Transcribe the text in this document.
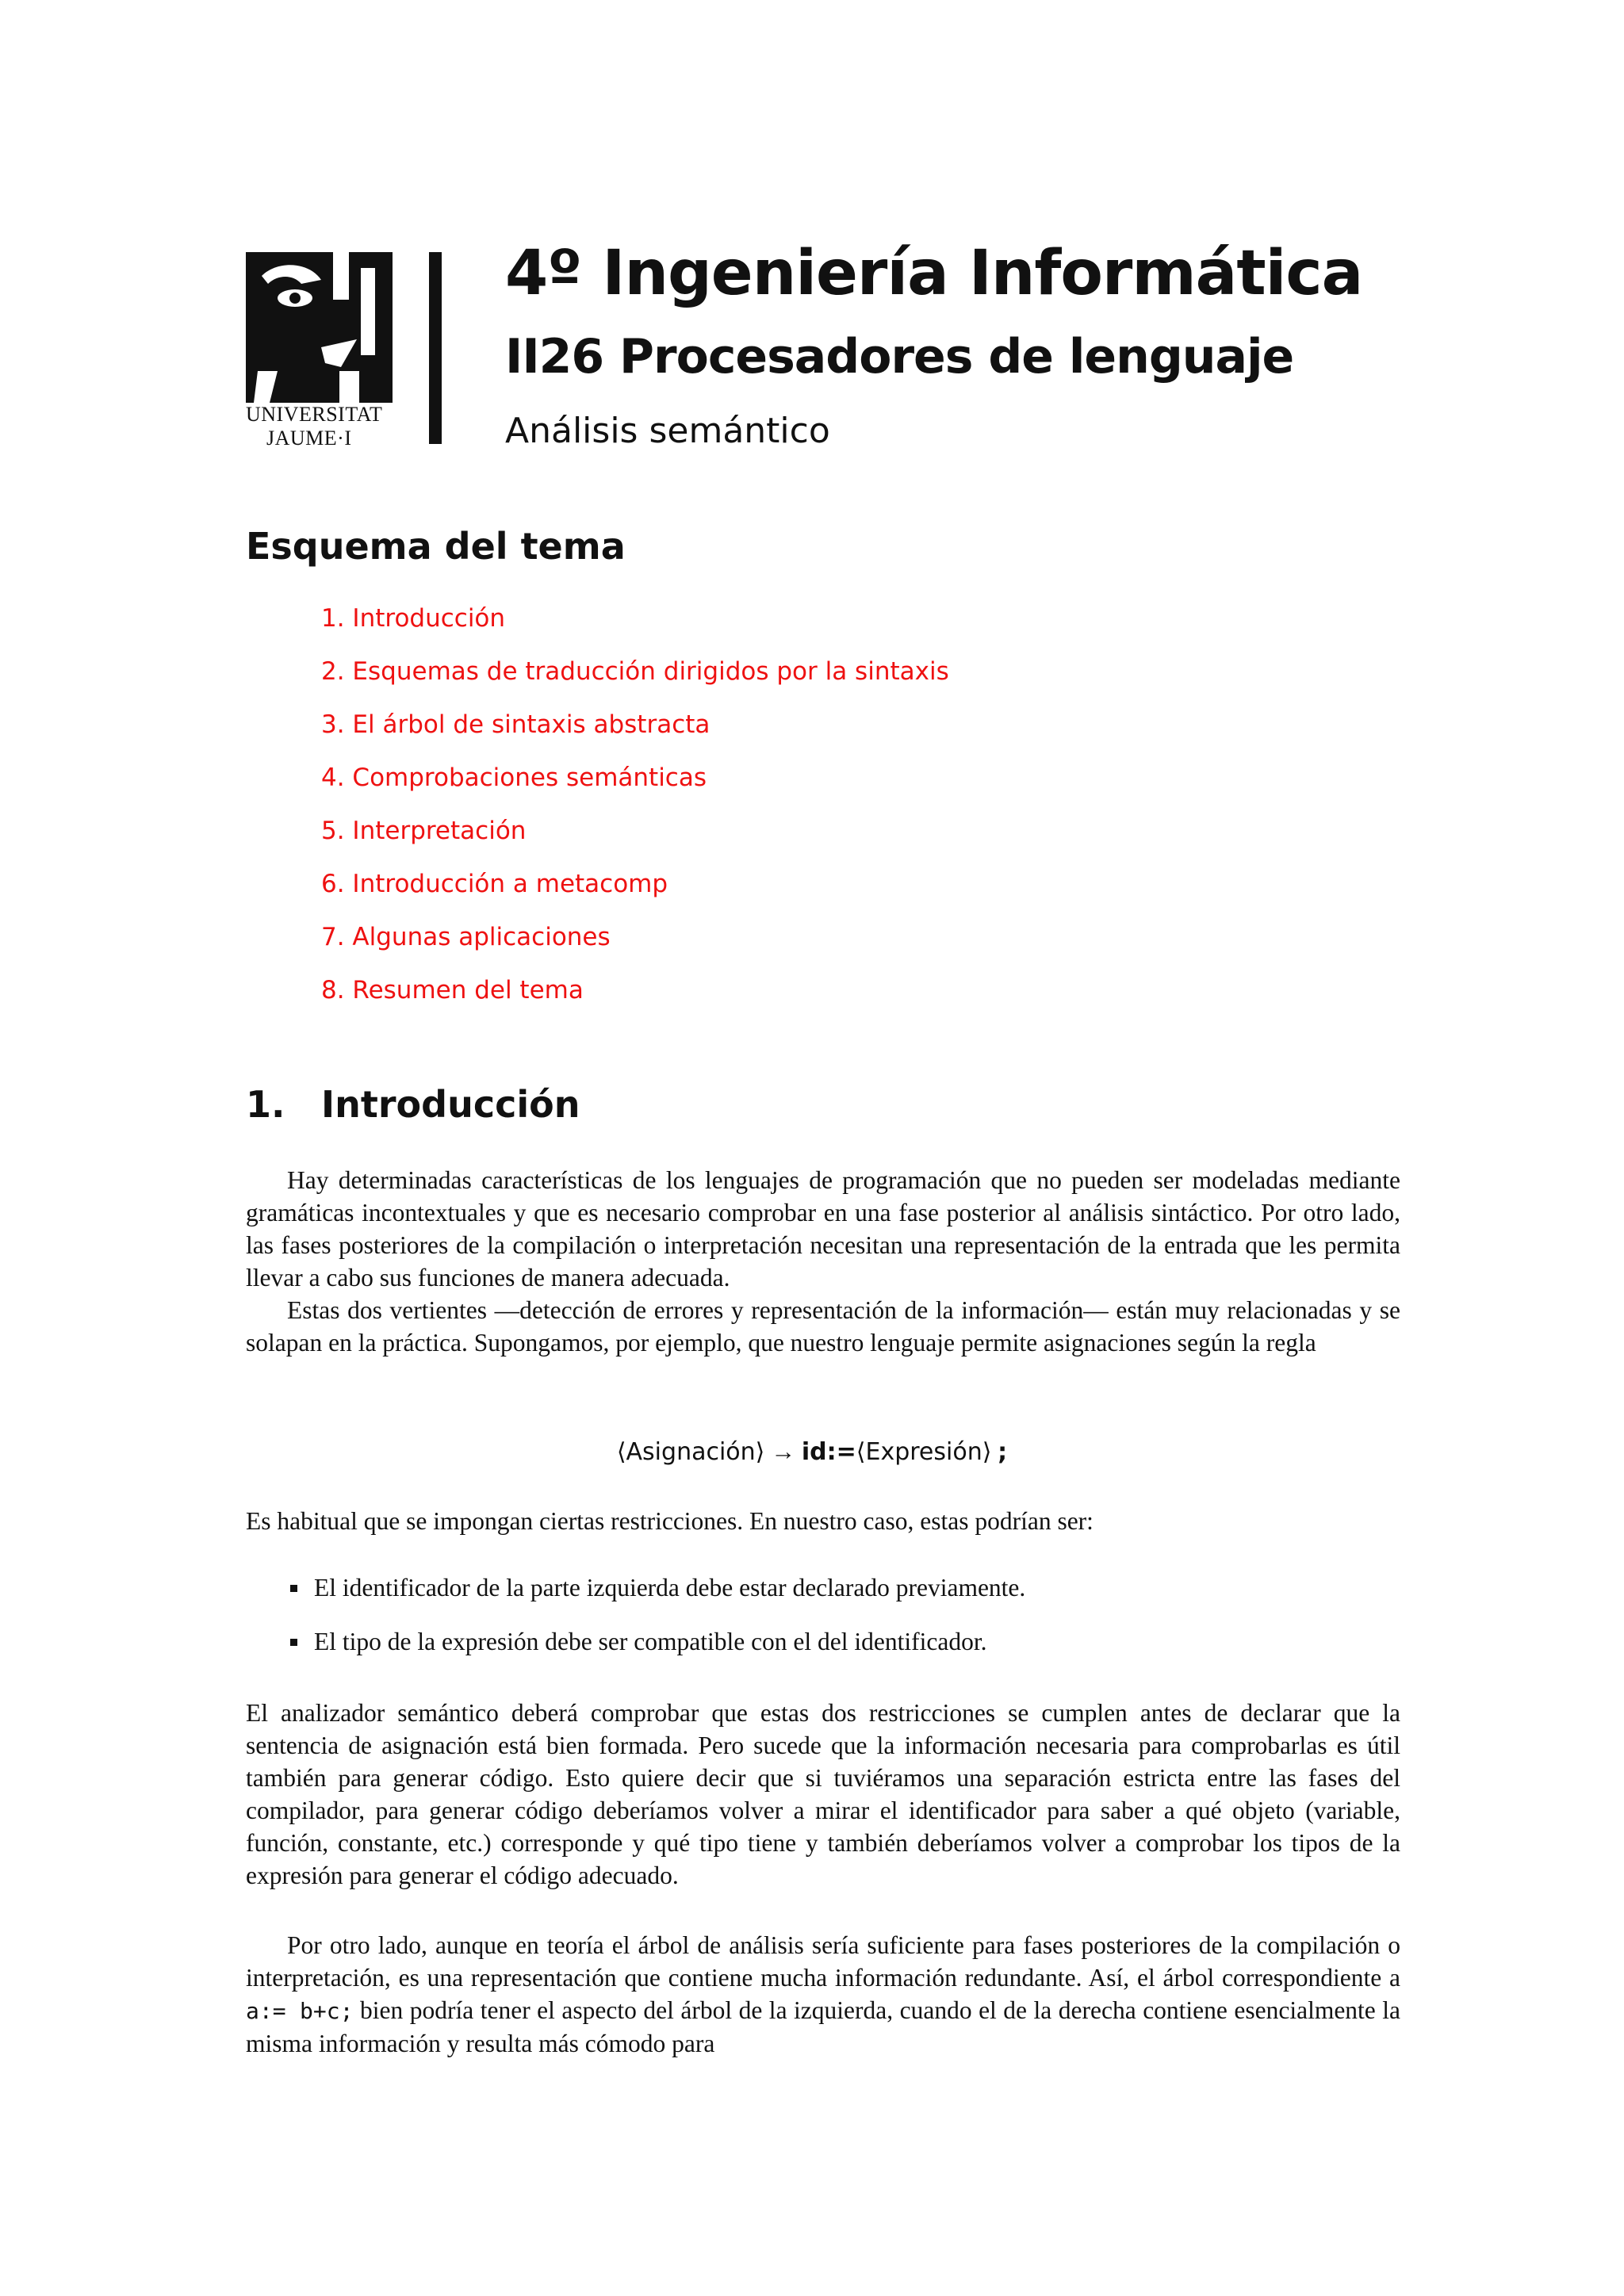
UNIVERSITAT
JAUME·I
4º Ingeniería Informática
II26 Procesadores de lenguaje
Análisis semántico
Esquema del tema
1. Introducción
2. Esquemas de traducción dirigidos por la sintaxis
3. El árbol de sintaxis abstracta
4. Comprobaciones semánticas
5. Interpretación
6. Introducción a metacomp
7. Algunas aplicaciones
8. Resumen del tema
1. Introducción

Hay determinadas características de los lenguajes de programación que no pueden ser modeladas mediante gramáticas incontextuales y que es necesario comprobar en una fase posterior al análisis sintáctico. Por otro lado, las fases posteriores de la compilación o interpretación necesitan una representación de la entrada que les permita llevar a cabo sus funciones de manera adecuada.

Estas dos vertientes —detección de errores y representación de la información— están muy relacionadas y se solapan en la práctica. Supongamos, por ejemplo, que nuestro lenguaje permite asignaciones según la regla

⟨Asignación⟩ → id:=⟨Expresión⟩ ;

Es habitual que se impongan ciertas restricciones. En nuestro caso, estas podrían ser:

El identificador de la parte izquierda debe estar declarado previamente.
El tipo de la expresión debe ser compatible con el del identificador.

El analizador semántico deberá comprobar que estas dos restricciones se cumplen antes de declarar que la sentencia de asignación está bien formada. Pero sucede que la información necesaria para comprobarlas es útil también para generar código. Esto quiere decir que si tuviéramos una separación estricta entre las fases del compilador, para generar código deberíamos volver a mirar el identificador para saber a qué objeto (variable, función, constante, etc.) corresponde y qué tipo tiene y también deberíamos volver a comprobar los tipos de la expresión para generar el código adecuado.

Por otro lado, aunque en teoría el árbol de análisis sería suficiente para fases posteriores de la compilación o interpretación, es una representación que contiene mucha información redundante. Así, el árbol correspondiente a a:= b+c; bien podría tener el aspecto del árbol de la izquierda, cuando el de la derecha contiene esencialmente la misma información y resulta más cómodo para
